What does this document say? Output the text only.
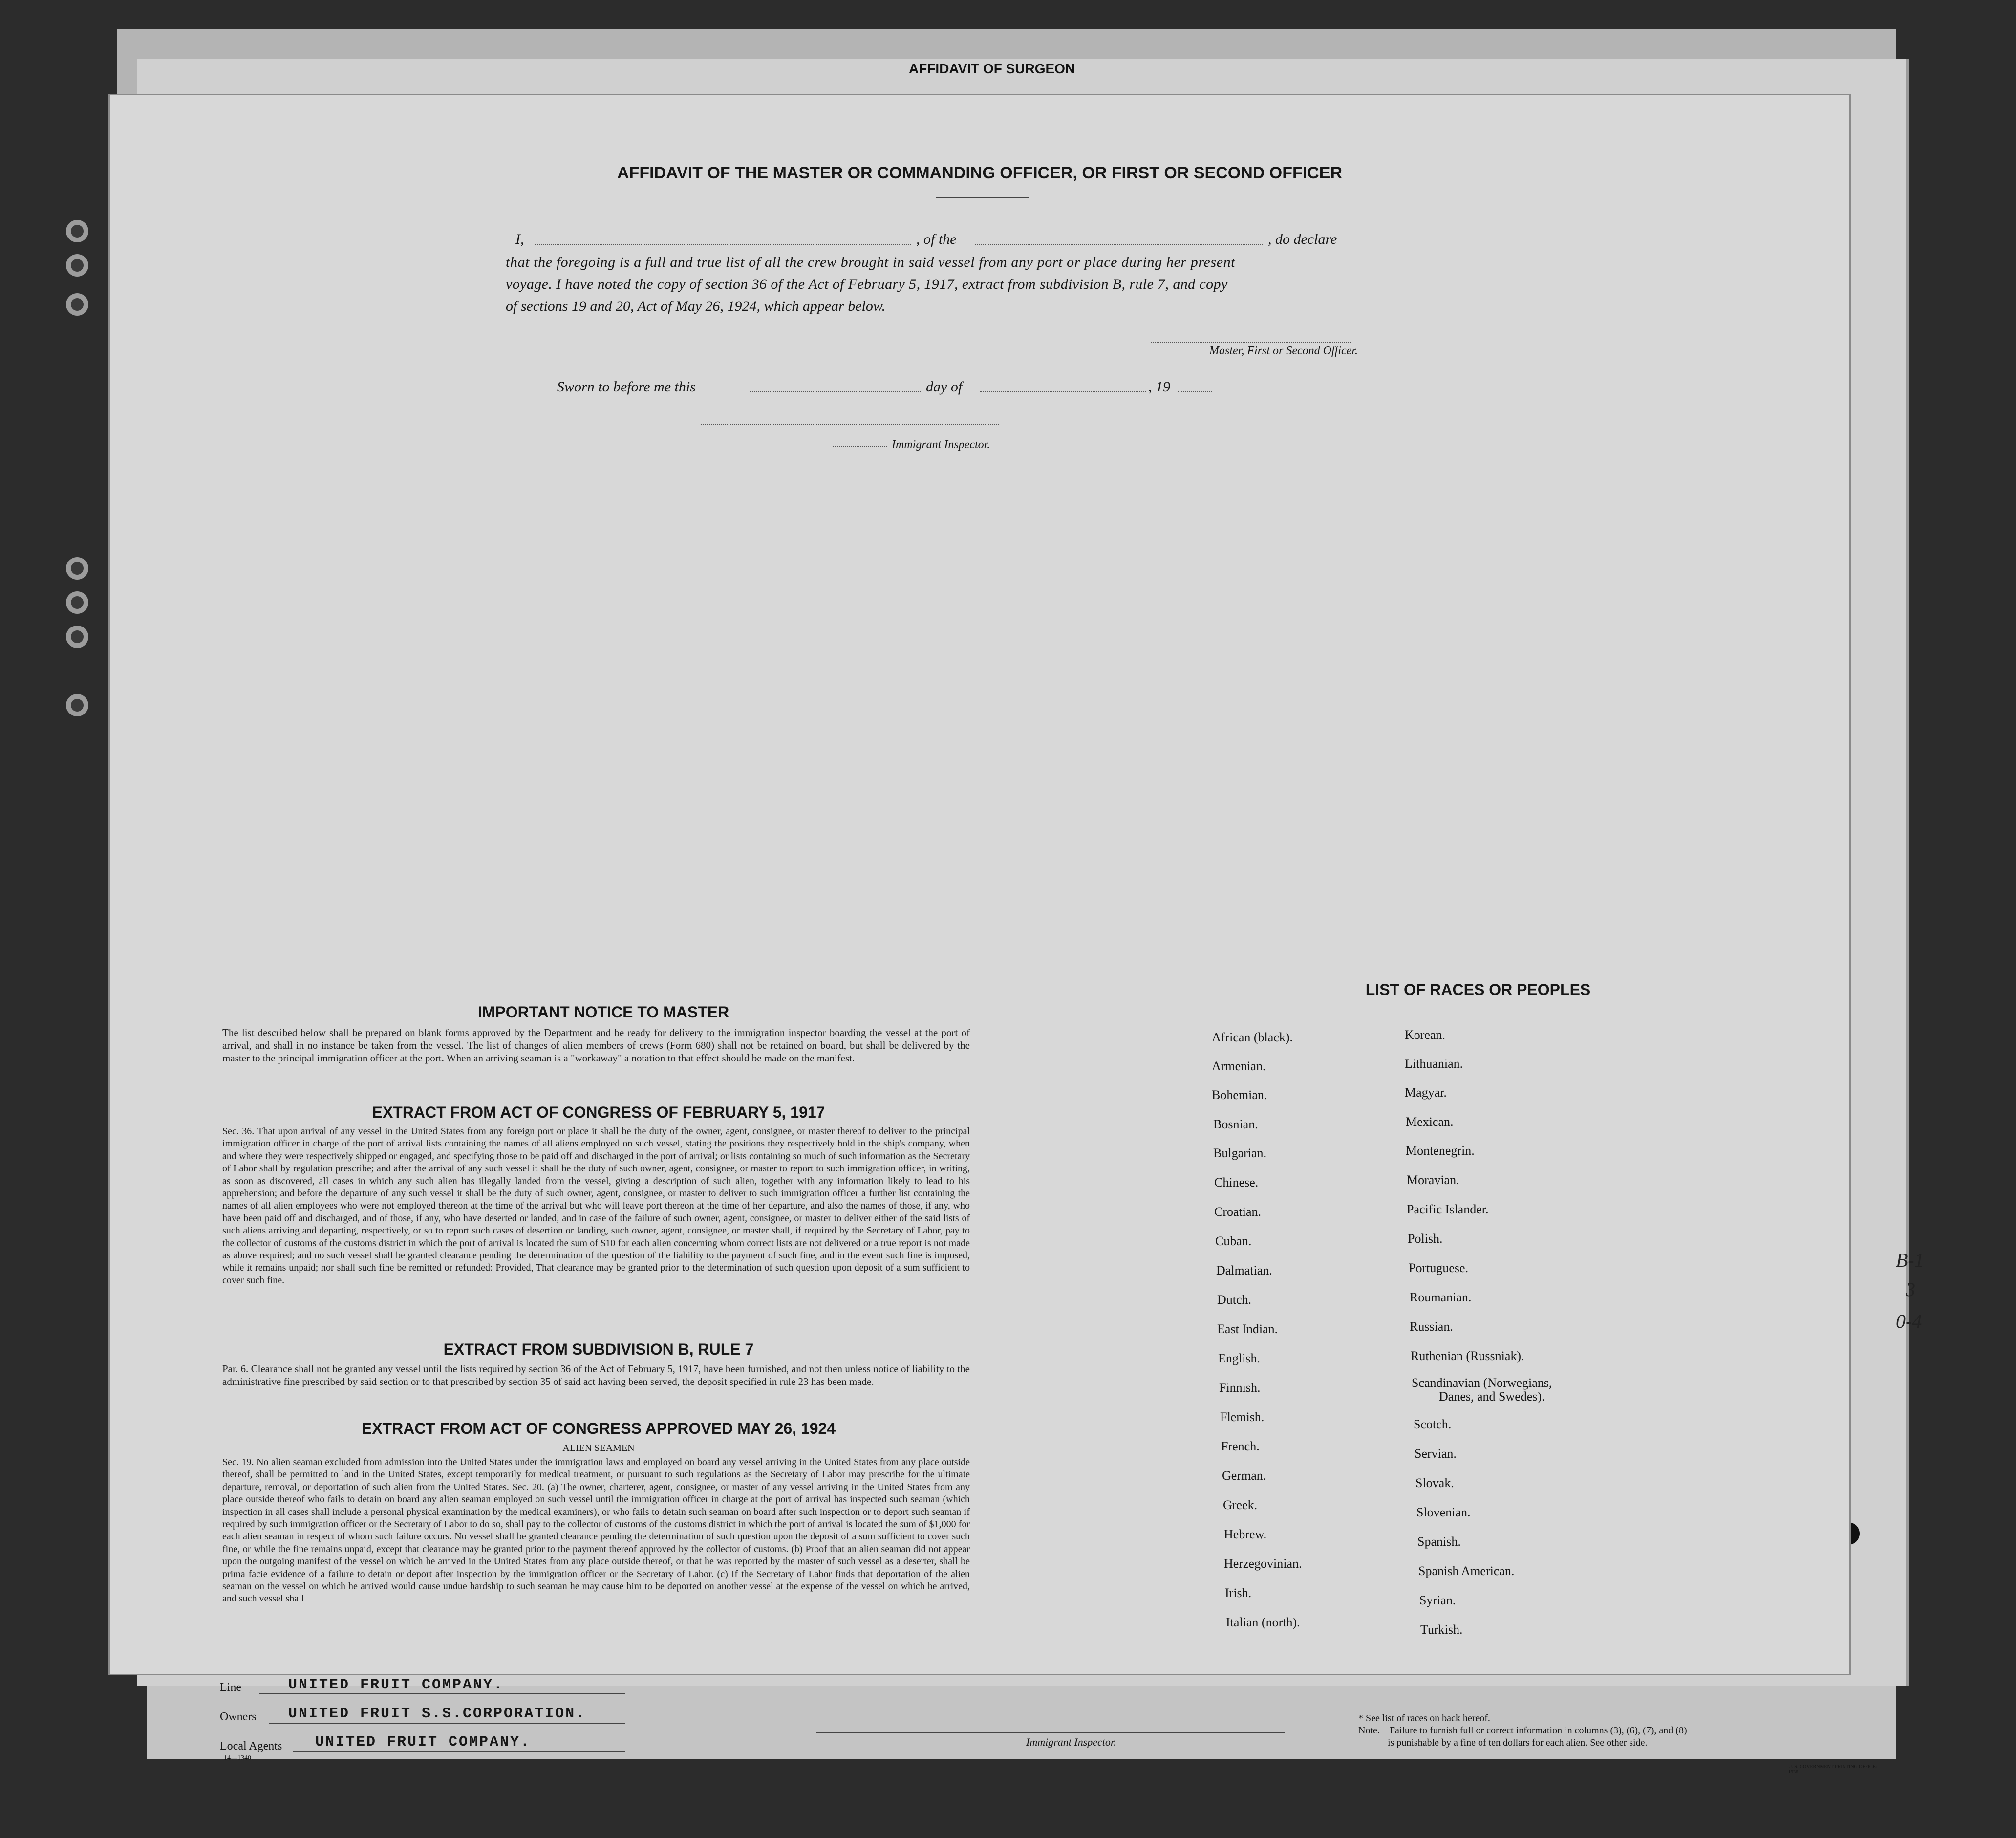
AFFIDAVIT OF SURGEON
AFFIDAVIT OF THE MASTER OR COMMANDING OFFICER, OR FIRST OR SECOND OFFICER
I,	, of the	, do declare
that the foregoing is a full and true list of all the crew brought in said vessel from any port or place during her present
voyage. I have noted the copy of section 36 of the Act of February 5, 1917, extract from subdivision B, rule 7, and copy
of sections 19 and 20, Act of May 26, 1924, which appear below.
Master, First or Second Officer.
Sworn to before me this	day of	, 19
Immigrant Inspector.
IMPORTANT NOTICE TO MASTER
The list described below shall be prepared on blank forms approved by the Department and be ready for delivery to the immigration inspector boarding the vessel at the port of arrival, and shall in no instance be taken from the vessel. The list of changes of alien members of crews (Form 680) shall not be retained on board, but shall be delivered by the master to the principal immigration officer at the port. When an arriving seaman is a "workaway" a notation to that effect should be made on the manifest.
EXTRACT FROM ACT OF CONGRESS OF FEBRUARY 5, 1917
Sec. 36. That upon arrival of any vessel in the United States from any foreign port or place it shall be the duty of the owner, agent, consignee, or master thereof to deliver to the principal immigration officer in charge of the port of arrival lists containing the names of all aliens employed on such vessel, stating the positions they respectively hold in the ship's company, when and where they were respectively shipped or engaged, and specifying those to be paid off and discharged in the port of arrival; or lists containing so much of such information as the Secretary of Labor shall by regulation prescribe; and after the arrival of any such vessel it shall be the duty of such owner, agent, consignee, or master to report to such immigration officer, in writing, as soon as discovered, all cases in which any such alien has illegally landed from the vessel, giving a description of such alien, together with any information likely to lead to his apprehension; and before the departure of any such vessel it shall be the duty of such owner, agent, consignee, or master to deliver to such immigration officer a further list containing the names of all alien employees who were not employed thereon at the time of the arrival but who will leave port thereon at the time of her departure, and also the names of those, if any, who have been paid off and discharged, and of those, if any, who have deserted or landed; and in case of the failure of such owner, agent, consignee, or master to deliver either of the said lists of such aliens arriving and departing, respectively, or so to report such cases of desertion or landing, such owner, agent, consignee, or master shall, if required by the Secretary of Labor, pay to the collector of customs of the customs district in which the port of arrival is located the sum of $10 for each alien concerning whom correct lists are not delivered or a true report is not made as above required; and no such vessel shall be granted clearance pending the determination of the question of the liability to the payment of such fine, and in the event such fine is imposed, while it remains unpaid; nor shall such fine be remitted or refunded: Provided, That clearance may be granted prior to the determination of such question upon deposit of a sum sufficient to cover such fine.
EXTRACT FROM SUBDIVISION B, RULE 7
Par. 6. Clearance shall not be granted any vessel until the lists required by section 36 of the Act of February 5, 1917, have been furnished, and not then unless notice of liability to the administrative fine prescribed by said section or to that prescribed by section 35 of said act having been served, the deposit specified in rule 23 has been made.
EXTRACT FROM ACT OF CONGRESS APPROVED MAY 26, 1924
ALIEN SEAMEN
Sec. 19. No alien seaman excluded from admission into the United States under the immigration laws and employed on board any vessel arriving in the United States from any place outside thereof, shall be permitted to land in the United States, except temporarily for medical treatment, or pursuant to such regulations as the Secretary of Labor may prescribe for the ultimate departure, removal, or deportation of such alien from the United States. Sec. 20. (a) The owner, charterer, agent, consignee, or master of any vessel arriving in the United States from any place outside thereof who fails to detain on board any alien seaman employed on such vessel until the immigration officer in charge at the port of arrival has inspected such seaman (which inspection in all cases shall include a personal physical examination by the medical examiners), or who fails to detain such seaman on board after such inspection or to deport such seaman if required by such immigration officer or the Secretary of Labor to do so, shall pay to the collector of customs of the customs district in which the port of arrival is located the sum of $1,000 for each alien seaman in respect of whom such failure occurs. No vessel shall be granted clearance pending the determination of such question upon the deposit of a sum sufficient to cover such fine, or while the fine remains unpaid, except that clearance may be granted prior to the payment thereof approved by the collector of customs. (b) Proof that an alien seaman did not appear upon the outgoing manifest of the vessel on which he arrived in the United States from any place outside thereof, or that he was reported by the master of such vessel as a deserter, shall be prima facie evidence of a failure to detain or deport after inspection by the immigration officer or the Secretary of Labor. (c) If the Secretary of Labor finds that deportation of the alien seaman on the vessel on which he arrived would cause undue hardship to such seaman he may cause him to be deported on another vessel at the expense of the vessel on which he arrived, and such vessel shall
LIST OF RACES OR PEOPLES
African (black).
Armenian.
Bohemian.
Bosnian.
Bulgarian.
Chinese.
Croatian.
Cuban.
Dalmatian.
Dutch.
East Indian.
English.
Finnish.
Flemish.
French.
German.
Greek.
Hebrew.
Herzegovinian.
Irish.
Italian (north).
Korean.
Lithuanian.
Magyar.
Mexican.
Montenegrin.
Moravian.
Pacific Islander.
Polish.
Portuguese.
Roumanian.
Russian.
Ruthenian (Russniak).
Scandinavian (Norwegians,
Danes, and Swedes).
Scotch.
Servian.
Slovak.
Slovenian.
Spanish.
Spanish American.
Syrian.
Turkish.
Line	UNITED FRUIT COMPANY.
Owners UNITED FRUIT S.S.CORPORATION.
Local Agents UNITED FRUIT COMPANY.
14—1340
Immigrant Inspector.
* See list of races on back hereof.
Note.—Failure to furnish full or correct information in columns (3), (6), (7), and (8)
is punishable by a fine of ten dollars for each alien. See other side.
U. S. GOVERNMENT PRINTING OFFICE: 1936
B-1
3
0-4
